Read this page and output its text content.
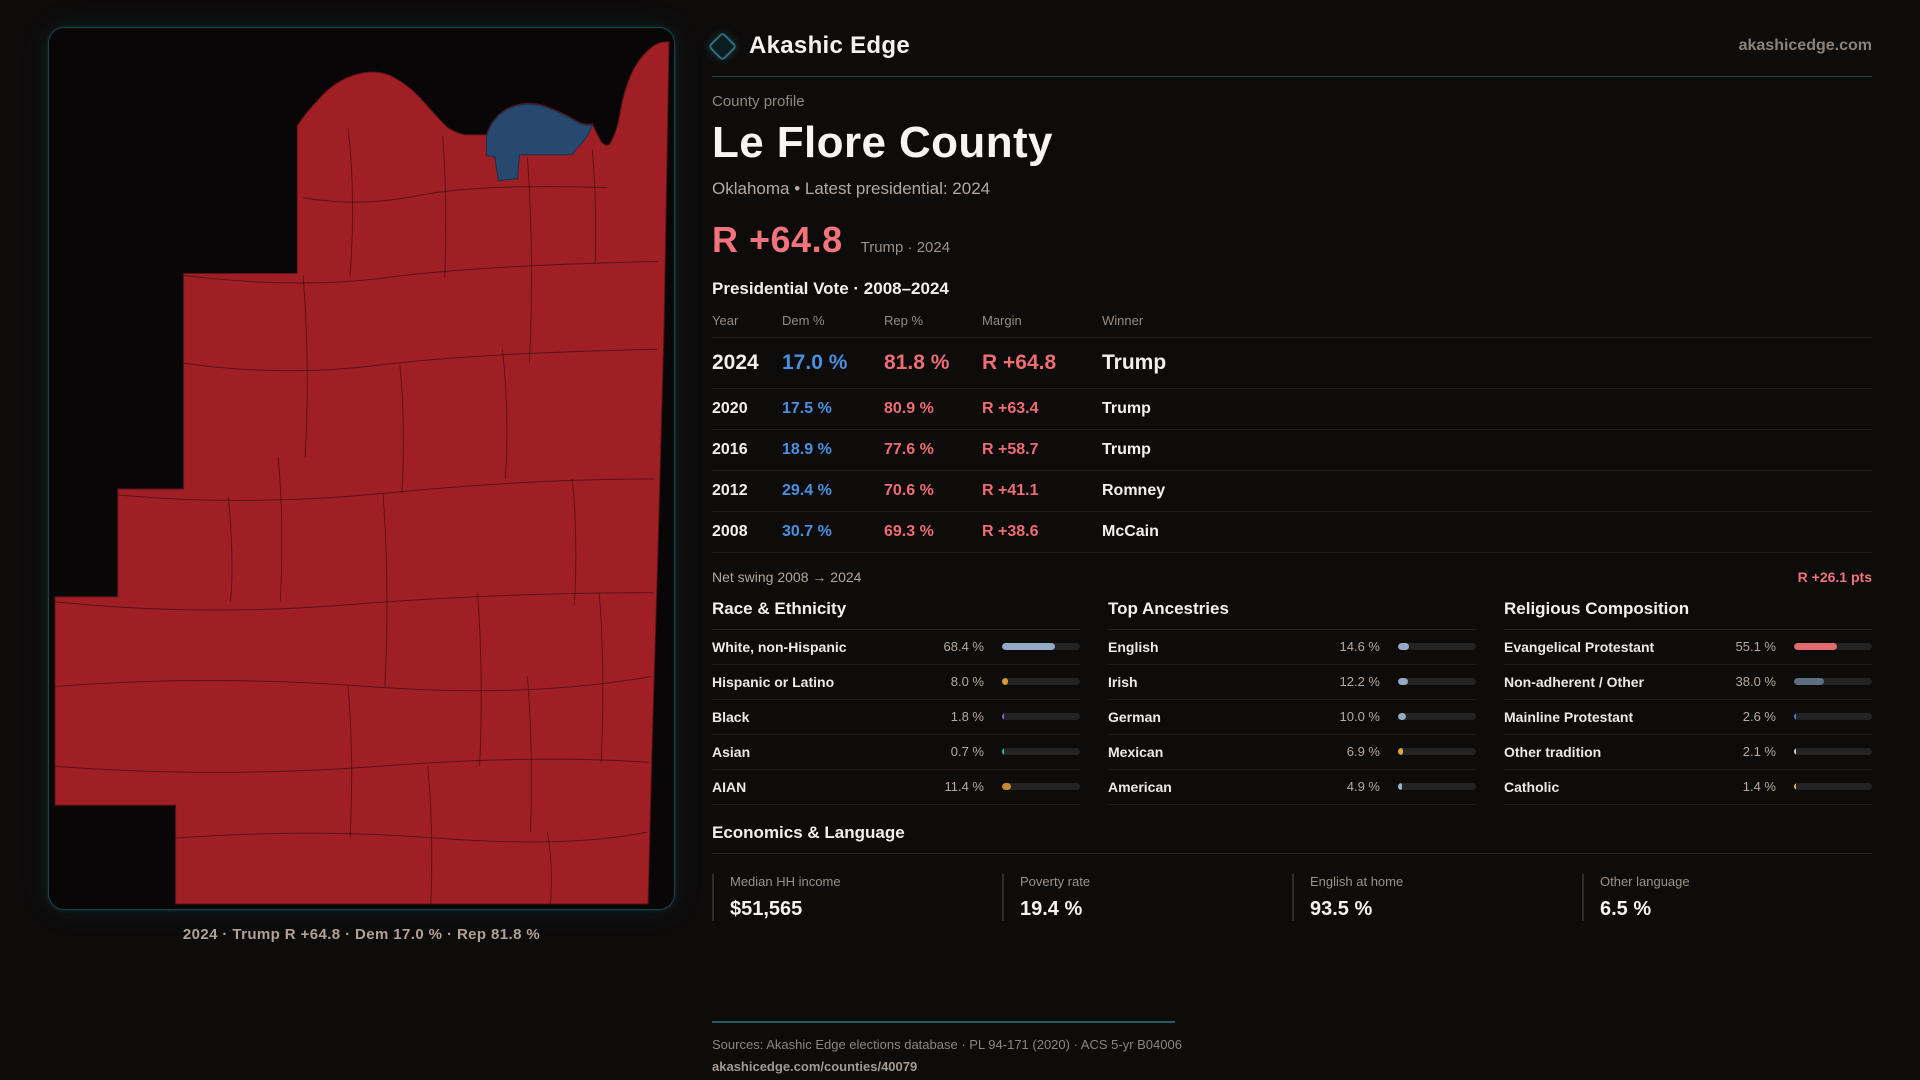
2024 · Trump R +64.8 · Dem 17.0 % · Rep 81.8 %
Akashic Edge	akashicedge.com
County profile
Le Flore County
Oklahoma • Latest presidential: 2024
R +64.8 Trump · 2024
Presidential Vote · 2008–2024
Year	Dem %	Rep %	Margin	Winner
2024	17.0 %	81.8 %	R +64.8	Trump
2020	17.5 %	80.9 %	R +63.4	Trump
2016	18.9 %	77.6 %	R +58.7	Trump
2012	29.4 %	70.6 %	R +41.1	Romney
2008	30.7 %	69.3 %	R +38.6	McCain
Net swing 2008 → 2024	R +26.1 pts
Race & Ethnicity
White, non-Hispanic	68.4 %
Hispanic or Latino	8.0 %
Black	1.8 %
Asian	0.7 %
AIAN	11.4 %
Top Ancestries
English	14.6 %
Irish	12.2 %
German	10.0 %
Mexican	6.9 %
American	4.9 %
Religious Composition
Evangelical Protestant	55.1 %
Non-adherent / Other	38.0 %
Mainline Protestant	2.6 %
Other tradition	2.1 %
Catholic	1.4 %
Economics & Language
Median HH income
$51,565
Poverty rate
19.4 %
English at home
93.5 %
Other language
6.5 %
Sources: Akashic Edge elections database · PL 94-171 (2020) · ACS 5-yr B04006
akashicedge.com/counties/40079
